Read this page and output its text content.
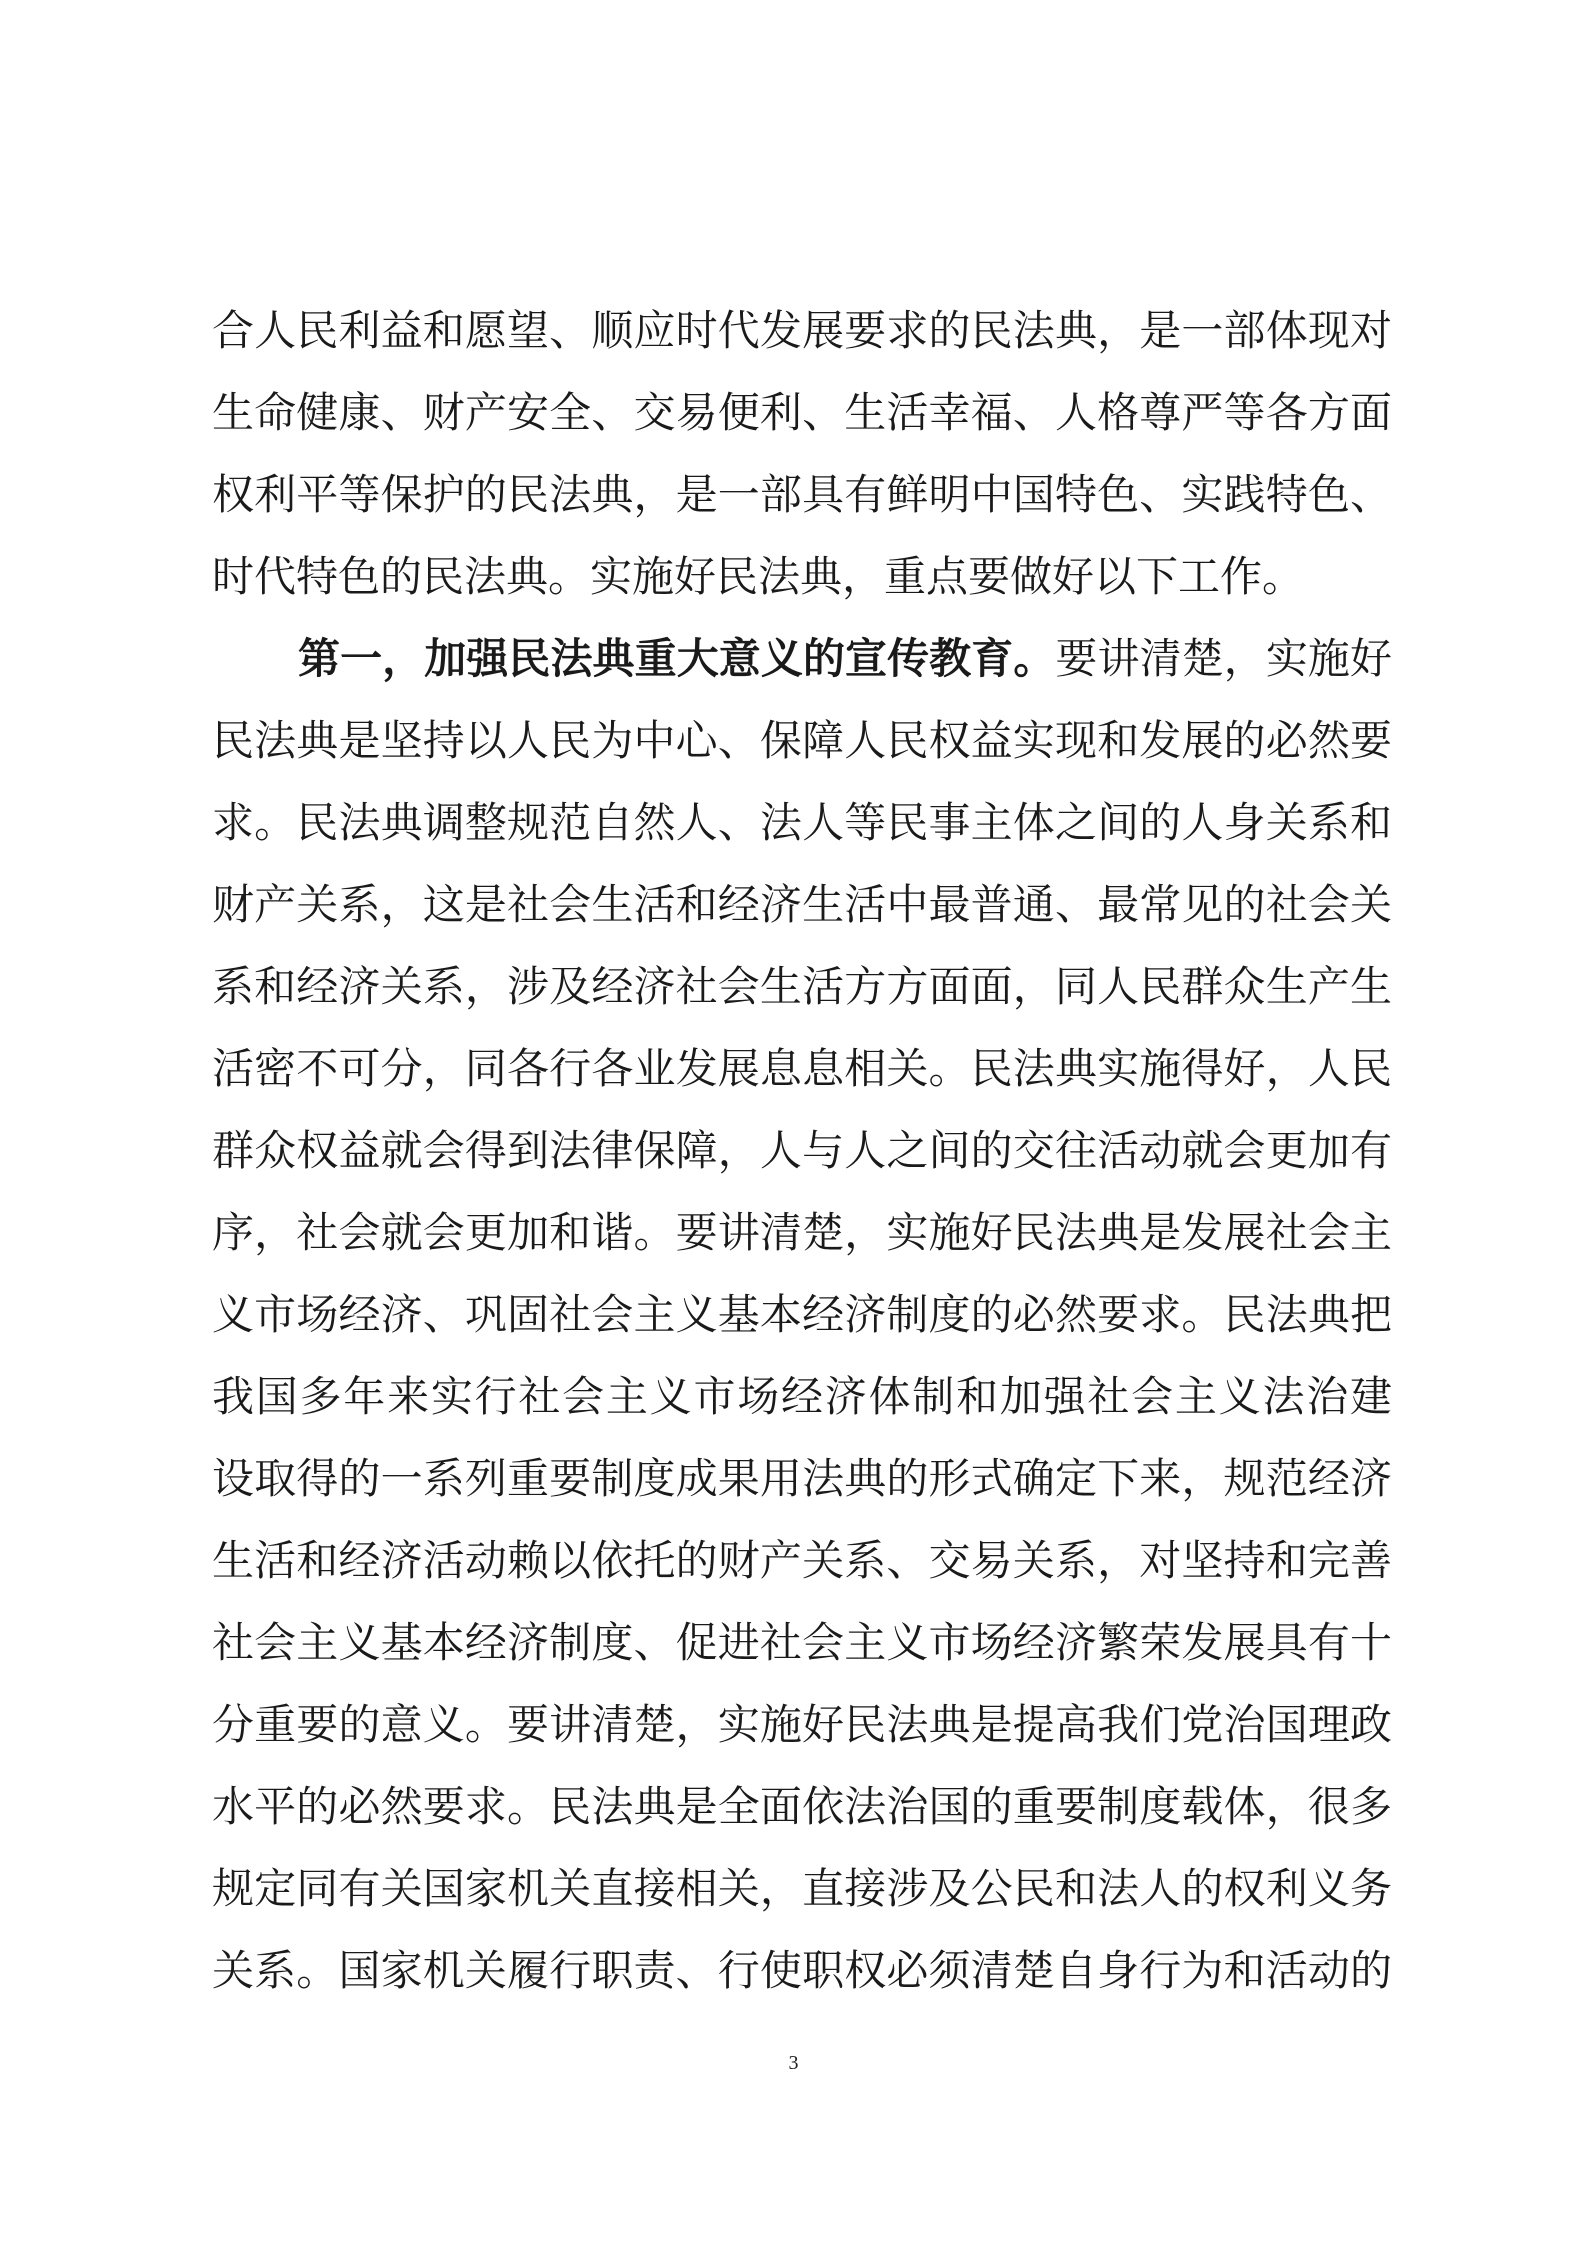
合人民利益和愿望、顺应时代发展要求的民法典，是一部体现对
生命健康、财产安全、交易便利、生活幸福、人格尊严等各方面
权利平等保护的民法典，是一部具有鲜明中国特色、实践特色、
时代特色的民法典。实施好民法典，重点要做好以下工作。
第一，加强民法典重大意义的宣传教育。要讲清楚，实施好
民法典是坚持以人民为中心、保障人民权益实现和发展的必然要
求。民法典调整规范自然人、法人等民事主体之间的人身关系和
财产关系，这是社会生活和经济生活中最普通、最常见的社会关
系和经济关系，涉及经济社会生活方方面面，同人民群众生产生
活密不可分，同各行各业发展息息相关。民法典实施得好，人民
群众权益就会得到法律保障，人与人之间的交往活动就会更加有
序，社会就会更加和谐。要讲清楚，实施好民法典是发展社会主
义市场经济、巩固社会主义基本经济制度的必然要求。民法典把
我国多年来实行社会主义市场经济体制和加强社会主义法治建
设取得的一系列重要制度成果用法典的形式确定下来，规范经济
生活和经济活动赖以依托的财产关系、交易关系，对坚持和完善
社会主义基本经济制度、促进社会主义市场经济繁荣发展具有十
分重要的意义。要讲清楚，实施好民法典是提高我们党治国理政
水平的必然要求。民法典是全面依法治国的重要制度载体，很多
规定同有关国家机关直接相关，直接涉及公民和法人的权利义务
关系。国家机关履行职责、行使职权必须清楚自身行为和活动的
3
